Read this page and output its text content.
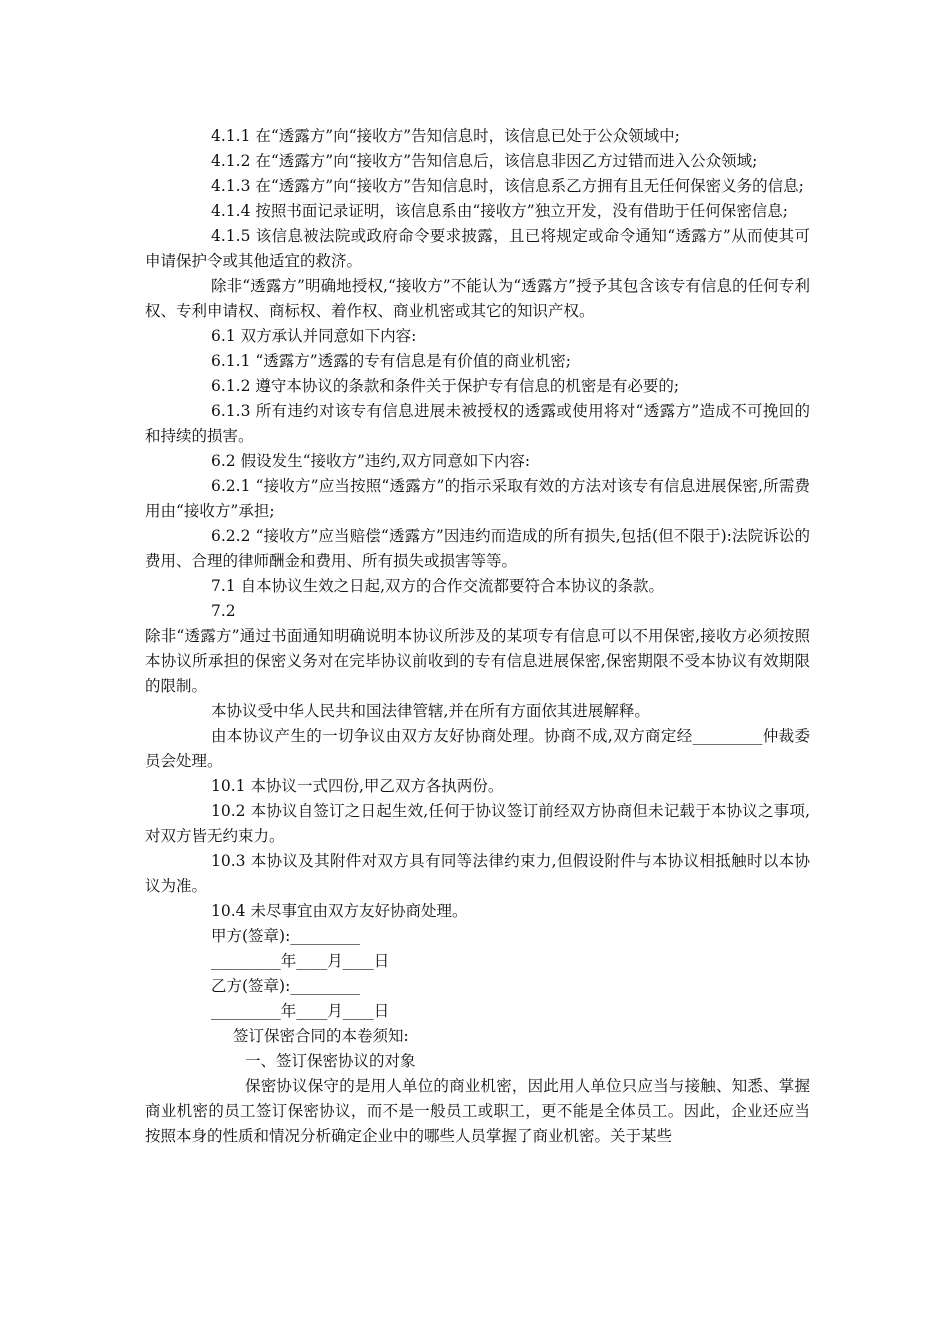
4.1.1 在“透露方”向“接收方”告知信息时，该信息已处于公众领域中;

4.1.2 在“透露方”向“接收方”告知信息后，该信息非因乙方过错而进入公众领域;

4.1.3 在“透露方”向“接收方”告知信息时，该信息系乙方拥有且无任何保密义务的信息;

4.1.4 按照书面记录证明，该信息系由“接收方”独立开发，没有借助于任何保密信息;

4.1.5 该信息被法院或政府命令要求披露，且已将规定或命令通知“透露方”从而使其可申请保护令或其他适宜的救济。

除非“透露方”明确地授权,“接收方”不能认为“透露方”授予其包含该专有信息的任何专利权、专利申请权、商标权、着作权、商业机密或其它的知识产权。

6.1 双方承认并同意如下内容:

6.1.1 “透露方”透露的专有信息是有价值的商业机密;

6.1.2 遵守本协议的条款和条件关于保护专有信息的机密是有必要的;

6.1.3 所有违约对该专有信息进展未被授权的透露或使用将对“透露方”造成不可挽回的和持续的损害。

6.2 假设发生“接收方”违约,双方同意如下内容:

6.2.1 “接收方”应当按照“透露方”的指示采取有效的方法对该专有信息进展保密,所需费用由“接收方”承担;

6.2.2 “接收方”应当赔偿“透露方”因违约而造成的所有损失,包括(但不限于):法院诉讼的费用、合理的律师酬金和费用、所有损失或损害等等。

7.1 自本协议生效之日起,双方的合作交流都要符合本协议的条款。

7.2

除非“透露方”通过书面通知明确说明本协议所涉及的某项专有信息可以不用保密,接收方必须按照本协议所承担的保密义务对在完毕协议前收到的专有信息进展保密,保密期限不受本协议有效期限的限制。

本协议受中华人民共和国法律管辖,并在所有方面依其进展解释。

由本协议产生的一切争议由双方友好协商处理。协商不成,双方商定经_________仲裁委员会处理。

10.1 本协议一式四份,甲乙双方各执两份。

10.2 本协议自签订之日起生效,任何于协议签订前经双方协商但未记载于本协议之事项,对双方皆无约束力。

10.3 本协议及其附件对双方具有同等法律约束力,但假设附件与本协议相抵触时以本协议为准。

10.4 未尽事宜由双方友好协商处理。

甲方(签章):_________

_________年____月____日

乙方(签章):_________

_________年____月____日

签订保密合同的本卷须知:

一、签订保密协议的对象

保密协议保守的是用人单位的商业机密，因此用人单位只应当与接触、知悉、掌握商业机密的员工签订保密协议，而不是一般员工或职工，更不能是全体员工。因此，企业还应当按照本身的性质和情况分析确定企业中的哪些人员掌握了商业机密。关于某些
